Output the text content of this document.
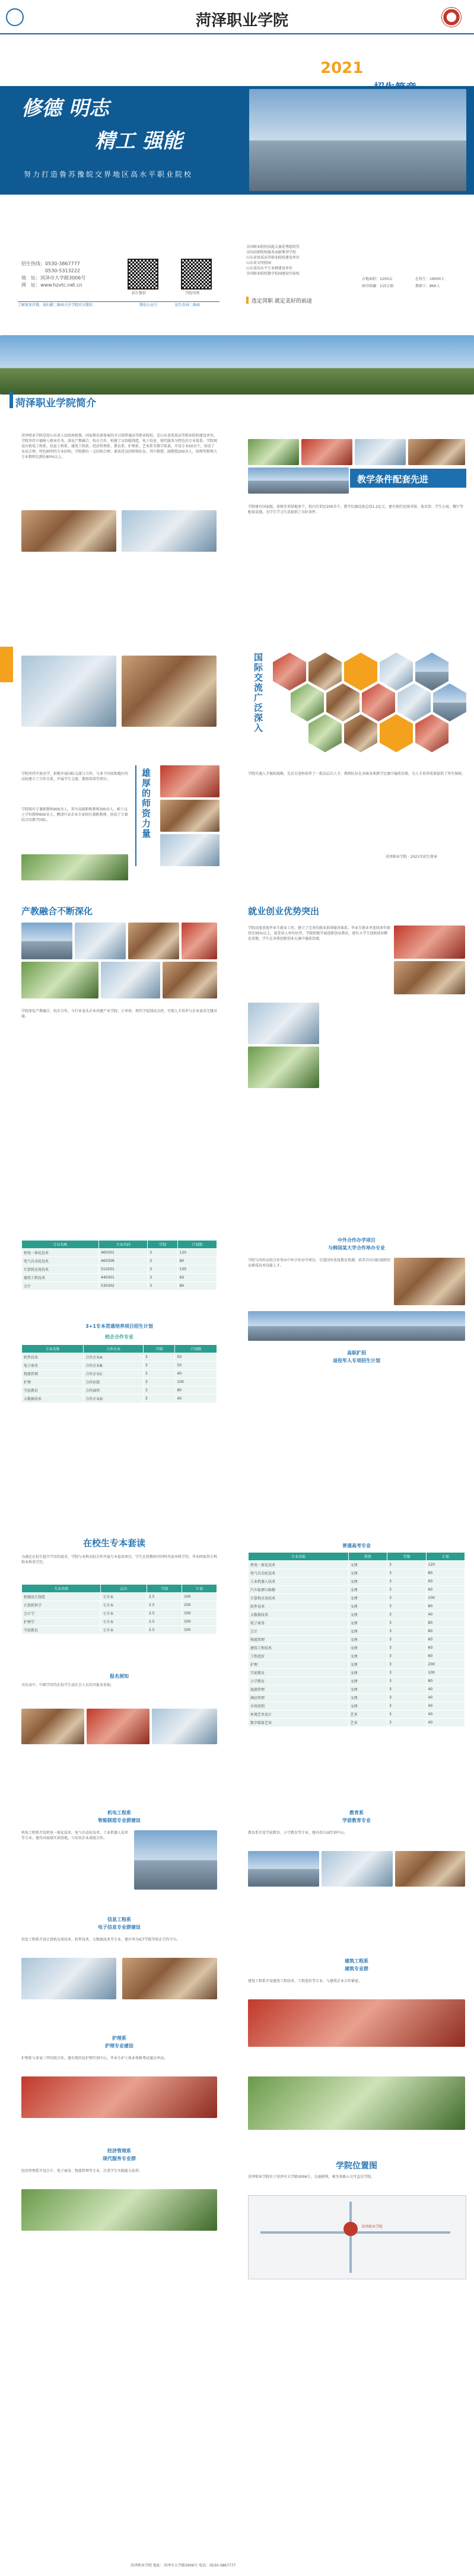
菏泽职业学院
2021
修德 明志
精工 强能
努力打造鲁苏豫皖交界地区高水平职业院校
招生热线：0530-3867777
　　　　　0530-5313222
地　址：菏泽市大学路3006号
网　址：www.hzvtc.net.cn
招生微信	学院官网
了解更多详情，请扫描二维码关注学院官方微信	微信公众号	招生咨询二维码
全国职业院校技能大赛优秀组织奖
全国高职院校服务贡献典型学校
山东省优质高等职业院校建设单位
山东省文明校园
山东省高水平专业群建设单位
全国职业院校数字校园建设实验校
占地面积：1200亩	在校生：16000人
图书馆藏：115万册	教职工：860人
选定菏职 就定美好的前途
菏泽职业学院简介
菏泽职业学院是经山东省人民政府批准、国家教育部备案的全日制普通高等职业院校，是山东省优质高等职业院校建设单位。学院坚持立德树人根本任务，深化产教融合、校企合作，构建了以智能制造、电子信息、现代服务为特色的专业体系。学院现设有机电工程系、信息工程系、建筑工程系、经济管理系、教育系、护理系、艺术系等教学系部，开设专业50余个，形成了布局合理、特色鲜明的专业结构。学院拥有一支结构合理、素质优良的师资队伍，其中教授、副教授200余人，双师型教师占专业教师比例达85%以上。
教学条件配套先进
学院建有国家级、省级实训基地多个，校内实训室200余个，教学仪器设备总值1.2亿元。建有现代化图书馆、体育馆、学生公寓、餐厅等配套设施，为学生学习生活提供了良好条件。
国际交流广泛深入
学院坚持开放办学，积极开展国际交流与合作，与多个国家和地区的高校建立了合作关系，开展学生交流、教师培训等项目。
学院现有专兼职教师900余人，其中高级职称教师300余人，硕士以上学位教师600余人，聘请行业企业专家担任兼职教师，形成了专兼结合的教学团队。	雄厚的师资力量	学院实施人才强校战略，先后引进和培养了一批高层次人才，教师队伍在各级各类教学比赛中屡获佳绩，为人才培养质量提供了坚实保障。
菏泽职业学院 · 2021年招生简章
产教融合不断深化
学院深化产教融合、校企合作，与行业龙头企业共建产业学院、订单班、现代学徒制试点班，实现人才培养与企业需求无缝对接。
就业创业优势突出
学院高度重视毕业生就业工作，建立了完善的就业指导服务体系，毕业生就业率连续多年保持在95%以上，深受用人单位好评。学院积极开展创新创业教育，建有大学生创新创业孵化基地，学生在各类创新创业大赛中屡获佳绩。
专业名称	专业代码	学制	计划数
机电一体化技术	460301	3	120
电气自动化技术	460306	3	80
计算机应用技术	510201	3	100
建筑工程技术	440301	3	60
会计	530302	3	80
3+1专本贯通培养项目招生计划
校企合作专业
专业名称	合作企业	学制	计划数
软件技术	合作企业A	3	50
电子商务	合作企业B	3	50
物流管理	合作企业C	3	40
护理	合作医院	3	100
学前教育	合作园所	3	80
大数据技术	合作企业D	3	40
中外合作办学项目
与韩国某大学合作举办专业
学院与国外高校合作举办中外合作办学项目，引进国外优质教育资源，培养具有国际视野的高素质技术技能人才。
高职扩招
退役军人专项招生计划
在校生专本套读
为满足在校生提升学历的需求，学院与本科高校合作开展专本套读项目，学生在校期间可同时攻读本科学历，毕业时取得专科和本科双学历。
专业名称	层次	学制	计划
机械设计制造	专升本	2.5	100
计算机科学	专升本	2.5	100
会计学	专升本	2.5	100
护理学	专升本	2.5	100
学前教育	专升本	2.5	100
报名须知
具有高中、中职学历的在校学生或社会人员均可报名参加。
普通高考专业
专业名称	科类	学制	计划
机电一体化技术	文理	3	120
电气自动化技术	文理	3	80
工业机器人技术	文理	3	60
汽车检测与维修	文理	3	60
计算机应用技术	文理	3	100
软件技术	文理	3	80
大数据技术	文理	3	40
电子商务	文理	3	80
会计	文理	3	80
物流管理	文理	3	60
建筑工程技术	文理	3	60
工程造价	文理	3	60
护理	文理	3	200
学前教育	文理	3	100
小学教育	文理	3	80
旅游管理	文理	3	40
酒店管理	文理	3	40
市场营销	文理	3	40
环境艺术设计	艺术	3	40
数字媒体艺术	艺术	3	40
机电工程系
智能制造专业群建设
机电工程系开设机电一体化技术、电气自动化技术、工业机器人技术等专业，建有国家级实训基地，与知名企业深度合作。
信息工程系
电子信息专业群建设
信息工程系开设计算机应用技术、软件技术、大数据技术等专业，建有华为ICT学院等校企合作平台。
护理系
护理专业建设
护理系与多家三甲医院合作，建有现代化护理实训中心，毕业生护士执业资格考试通过率高。
经济管理系
现代服务专业群
经济管理系开设会计、电子商务、物流管理等专业，注重学生实践能力培养。
教育系
学前教育专业
教育系开设学前教育、小学教育等专业，建有幼儿园实训中心。
建筑工程系
建筑专业群
建筑工程系开设建筑工程技术、工程造价等专业，与建筑企业合作紧密。
学院位置图
菏泽职业学院位于菏泽市大学路3006号，交通便利，乘坐多路公交可直达学院。
菏泽职业学院
菏泽职业学院 地址：菏泽市大学路3006号 电话：0530-3867777
